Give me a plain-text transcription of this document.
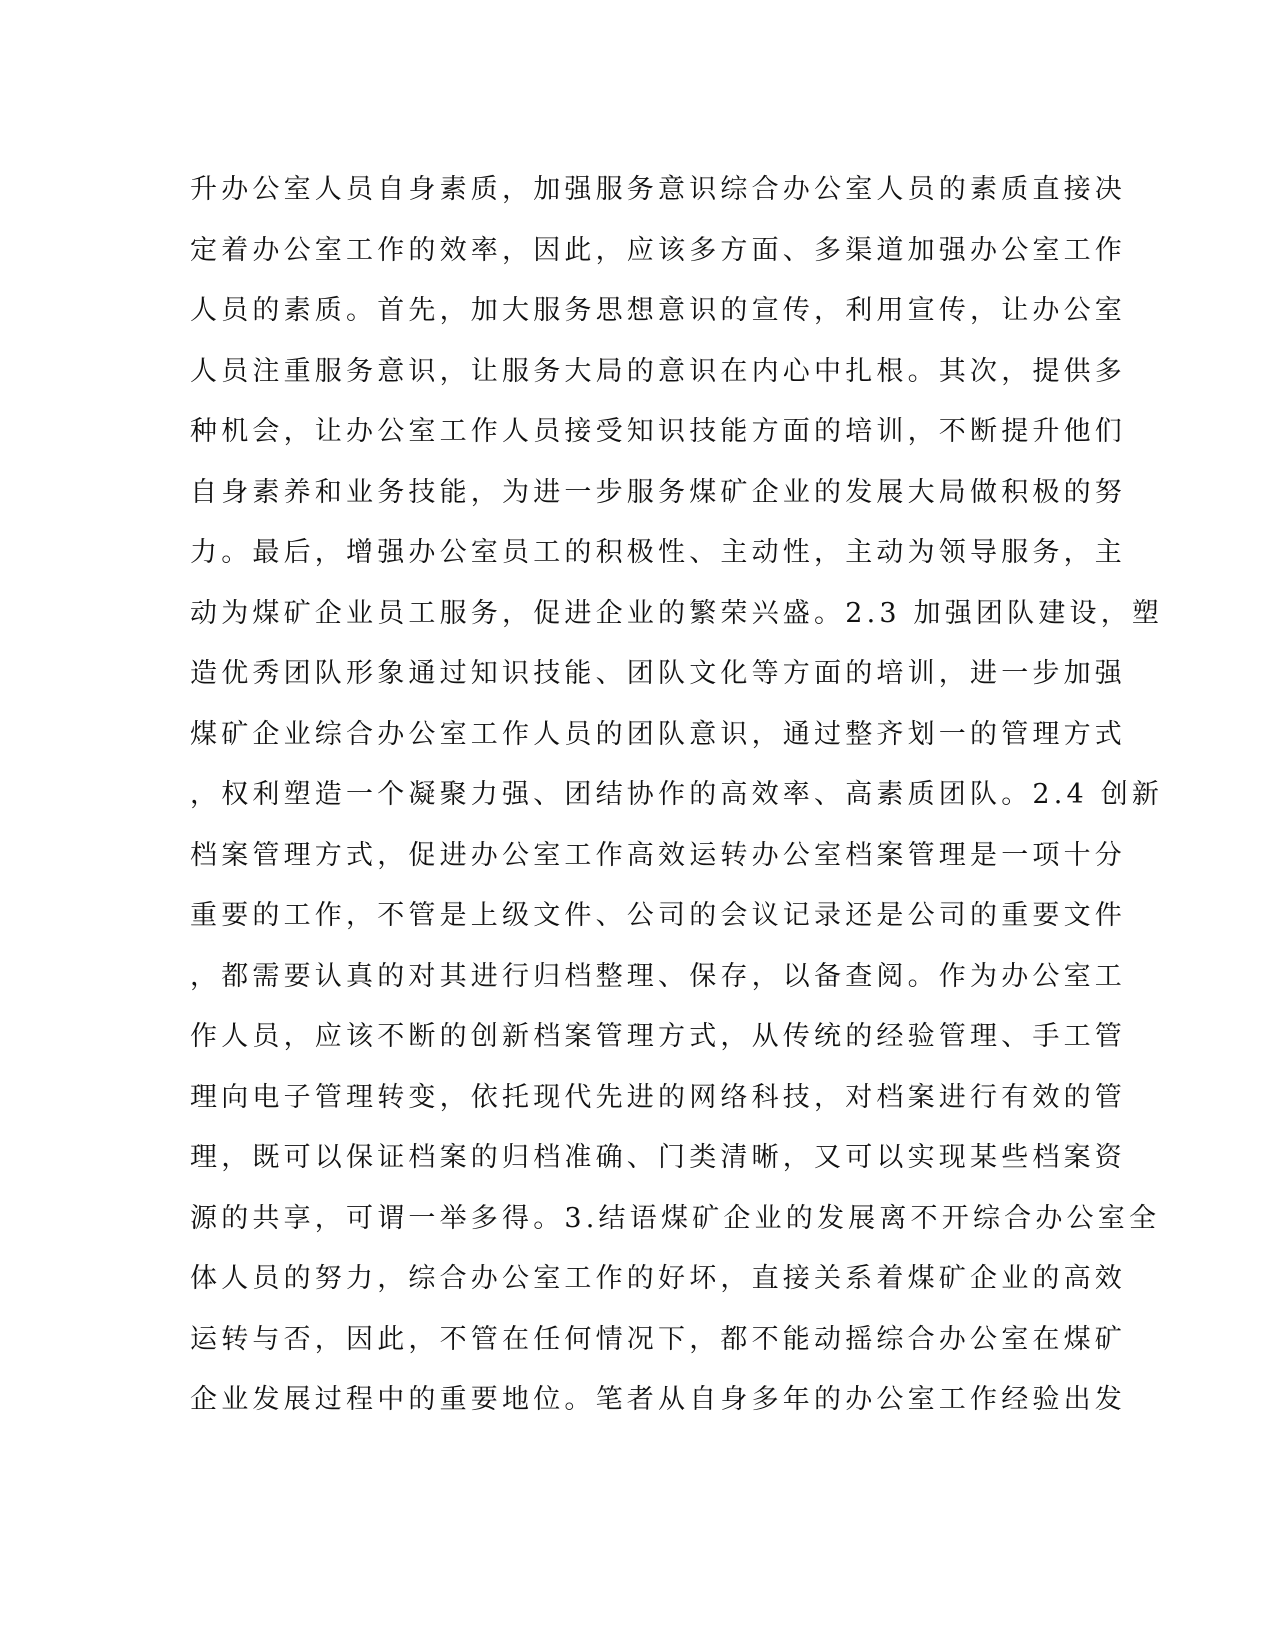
升办公室人员自身素质，加强服务意识综合办公室人员的素质直接决
定着办公室工作的效率，因此，应该多方面、多渠道加强办公室工作
人员的素质。首先，加大服务思想意识的宣传，利用宣传，让办公室
人员注重服务意识，让服务大局的意识在内心中扎根。其次，提供多
种机会，让办公室工作人员接受知识技能方面的培训，不断提升他们
自身素养和业务技能，为进一步服务煤矿企业的发展大局做积极的努
力。最后，增强办公室员工的积极性、主动性，主动为领导服务，主
动为煤矿企业员工服务，促进企业的繁荣兴盛。2.3 加强团队建设，塑
造优秀团队形象通过知识技能、团队文化等方面的培训，进一步加强
煤矿企业综合办公室工作人员的团队意识，通过整齐划一的管理方式
，权利塑造一个凝聚力强、团结协作的高效率、高素质团队。2.4 创新
档案管理方式，促进办公室工作高效运转办公室档案管理是一项十分
重要的工作，不管是上级文件、公司的会议记录还是公司的重要文件
，都需要认真的对其进行归档整理、保存，以备查阅。作为办公室工
作人员，应该不断的创新档案管理方式，从传统的经验管理、手工管
理向电子管理转变，依托现代先进的网络科技，对档案进行有效的管
理，既可以保证档案的归档准确、门类清晰，又可以实现某些档案资
源的共享，可谓一举多得。3.结语煤矿企业的发展离不开综合办公室全
体人员的努力，综合办公室工作的好坏，直接关系着煤矿企业的高效
运转与否，因此，不管在任何情况下，都不能动摇综合办公室在煤矿
企业发展过程中的重要地位。笔者从自身多年的办公室工作经验出发
